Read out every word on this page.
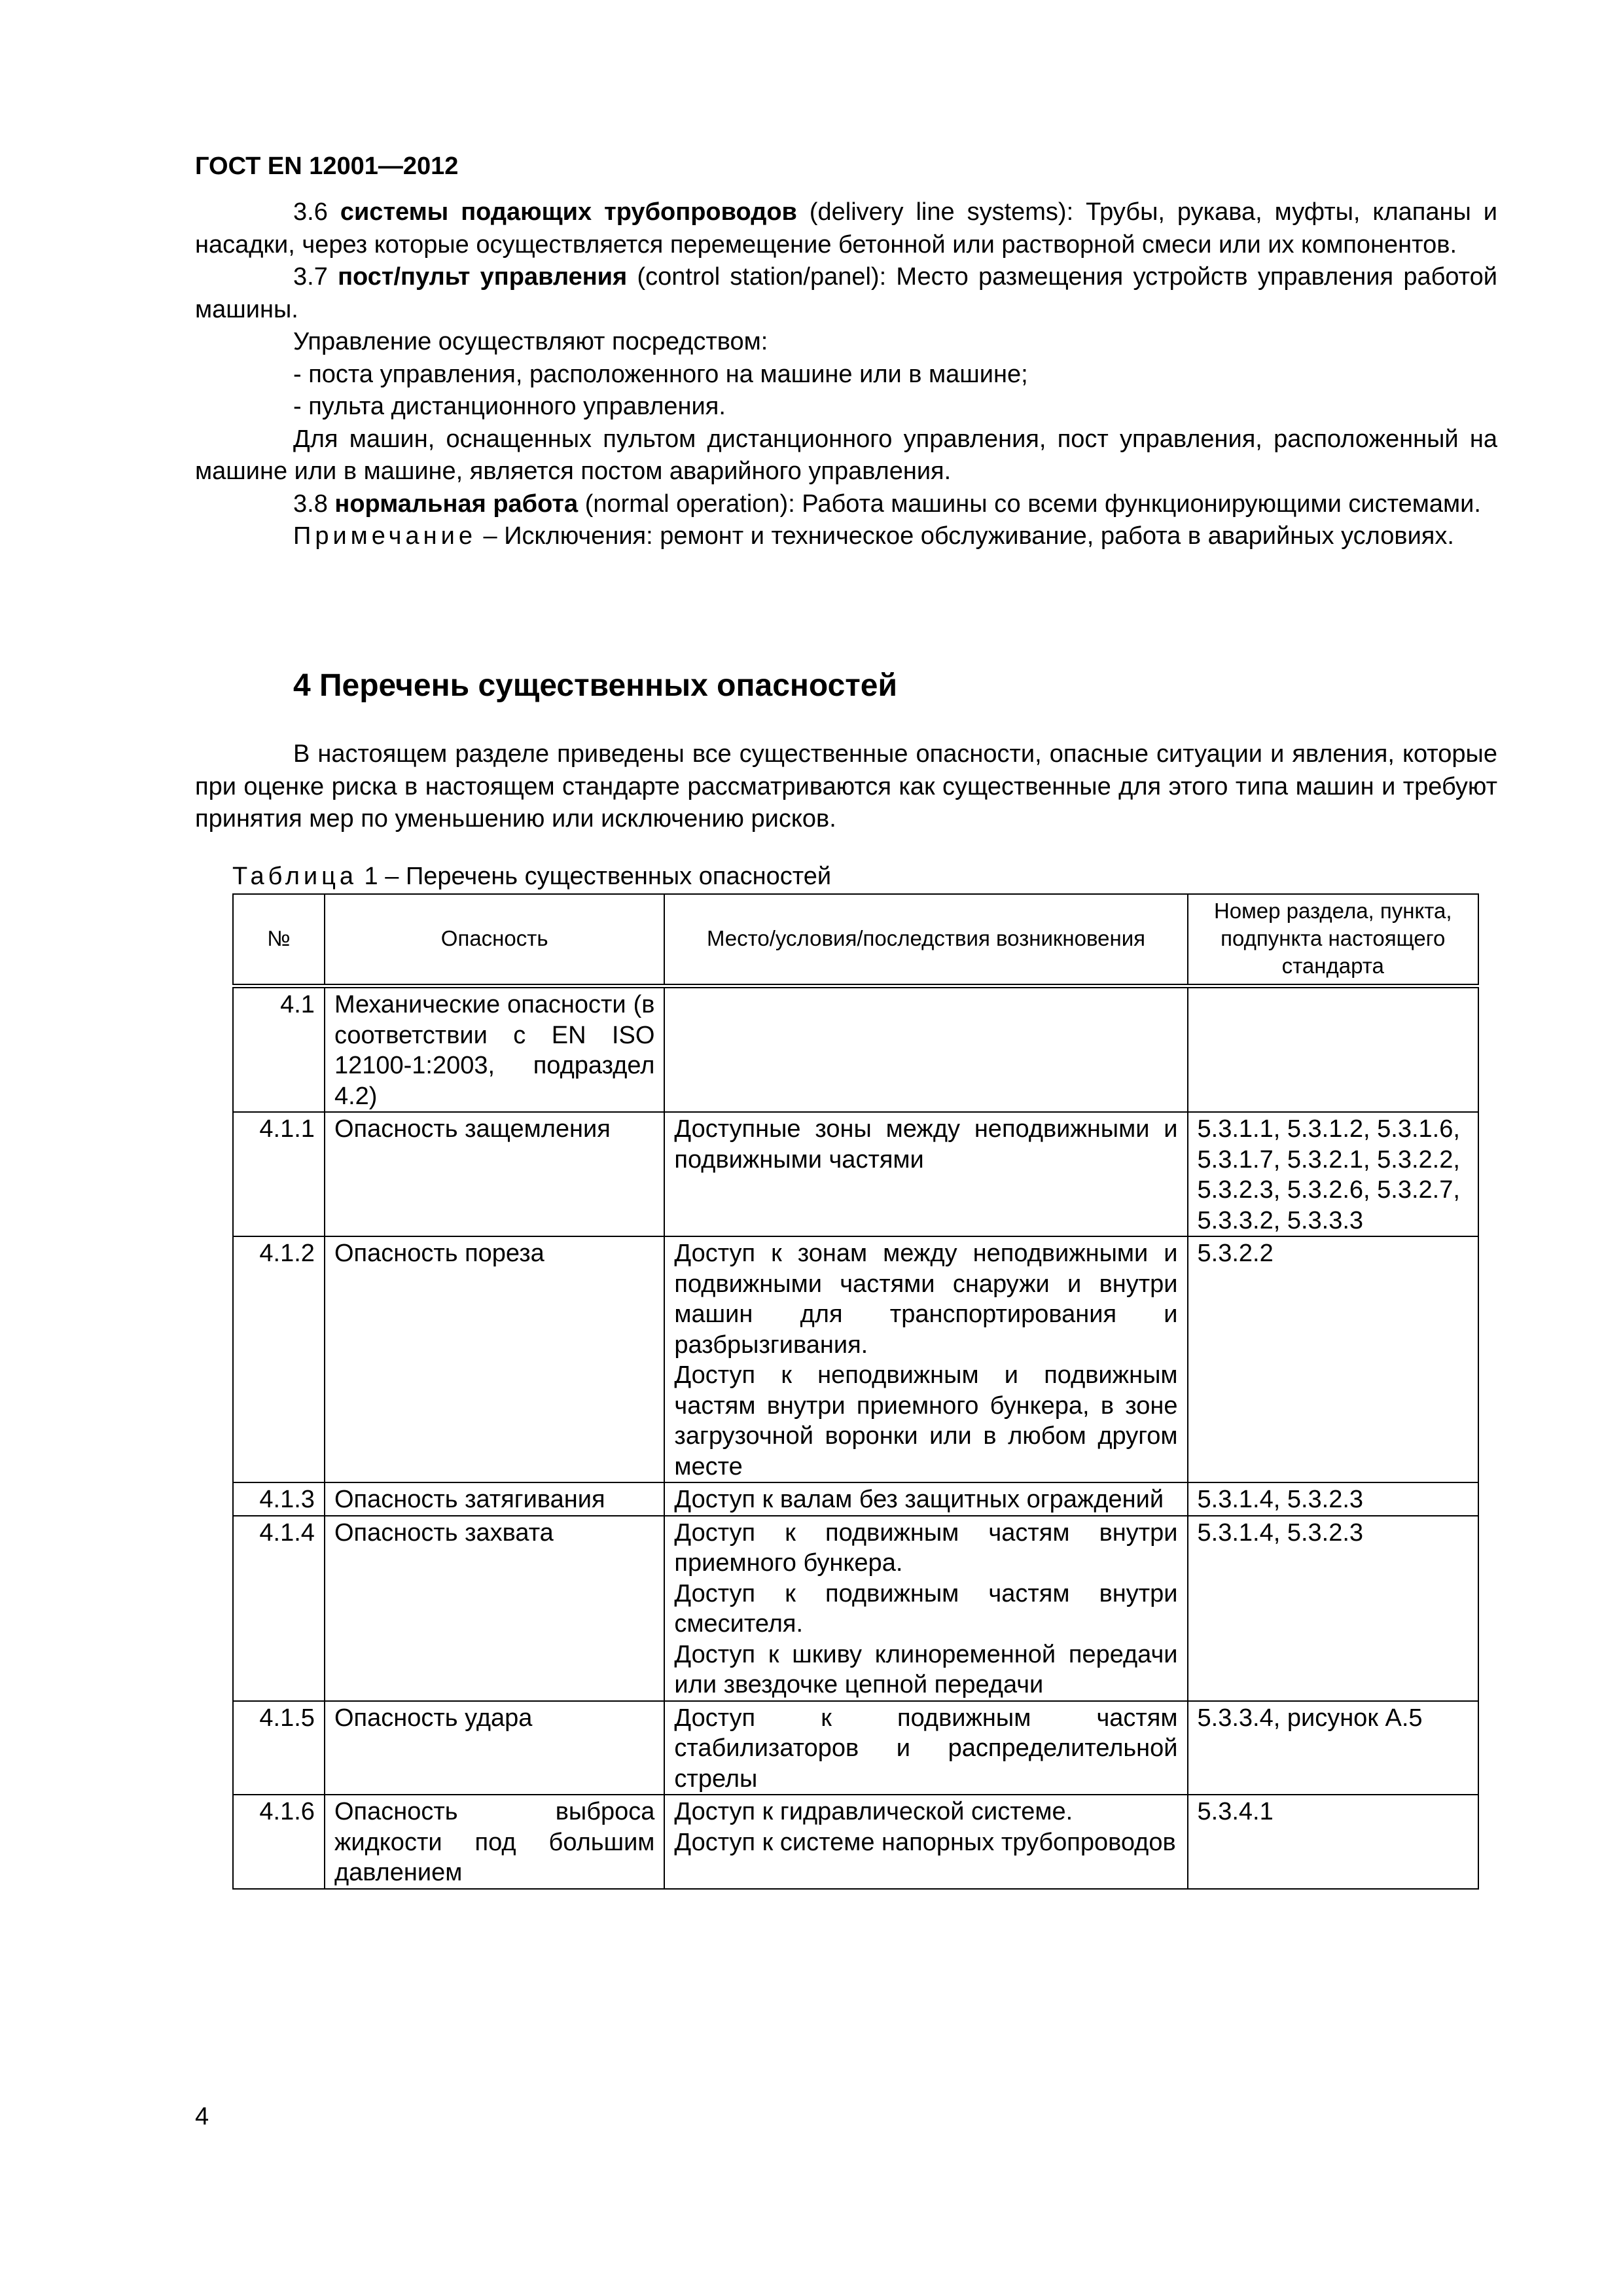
ГОСТ EN 12001—2012

3.6 системы подающих трубопроводов (delivery line systems): Трубы, рукава, муфты, клапаны и насадки, через которые осуществляется перемещение бетонной или растворной смеси или их компонентов.

3.7 пост/пульт управления (control station/panel): Место размещения устройств управления работой машины.

Управление осуществляют посредством:

- поста управления, расположенного на машине или в машине;

- пульта дистанционного управления.

Для машин, оснащенных пультом дистанционного управления, пост управления, расположенный на машине или в машине, является постом аварийного управления.

3.8 нормальная работа (normal operation): Работа машины со всеми функционирующими системами.

Примечание – Исключения: ремонт и техническое обслуживание, работа в аварийных условиях.

4 Перечень существенных опасностей

В настоящем разделе приведены все существенные опасности, опасные ситуации и явления, которые при оценке риска в настоящем стандарте рассматриваются как существенные для этого типа машин и требуют принятия мер по уменьшению или исключению рисков.

Таблица 1 – Перечень существенных опасностей
№	Опасность	Место/условия/последствия возникновения	Номер раздела, пункта, подпункта настоящего стандарта

4.1	Механические опасности (в соответствии с EN ISO 12100-1:2003, подраздел 4.2)		

4.1.1	Опасность защемления	Доступные зоны между неподвижными и подвижными частями	5.3.1.1, 5.3.1.2, 5.3.1.6, 5.3.1.7, 5.3.2.1, 5.3.2.2, 5.3.2.3, 5.3.2.6, 5.3.2.7, 5.3.3.2, 5.3.3.3

4.1.2	Опасность пореза	Доступ к зонам между неподвижными и подвижными частями снаружи и внутри машин для транспортирования и разбрызгивания.
Доступ к неподвижным и подвижным частям внутри приемного бункера, в зоне загрузочной воронки или в любом другом месте	5.3.2.2

4.1.3	Опасность затягивания	Доступ к валам без защитных ограждений	5.3.1.4, 5.3.2.3

4.1.4	Опасность захвата	Доступ к подвижным частям внутри приемного бункера.
Доступ к подвижным частям внутри смесителя.
Доступ к шкиву клиноременной передачи или звездочке цепной передачи	5.3.1.4, 5.3.2.3

4.1.5	Опасность удара	Доступ к подвижным частям стабилизаторов и распределительной стрелы	5.3.3.4, рисунок А.5

4.1.6	Опасность выброса жидкости под большим давлением	Доступ к гидравлической системе.
Доступ к системе напорных трубопроводов	5.3.4.1
4
